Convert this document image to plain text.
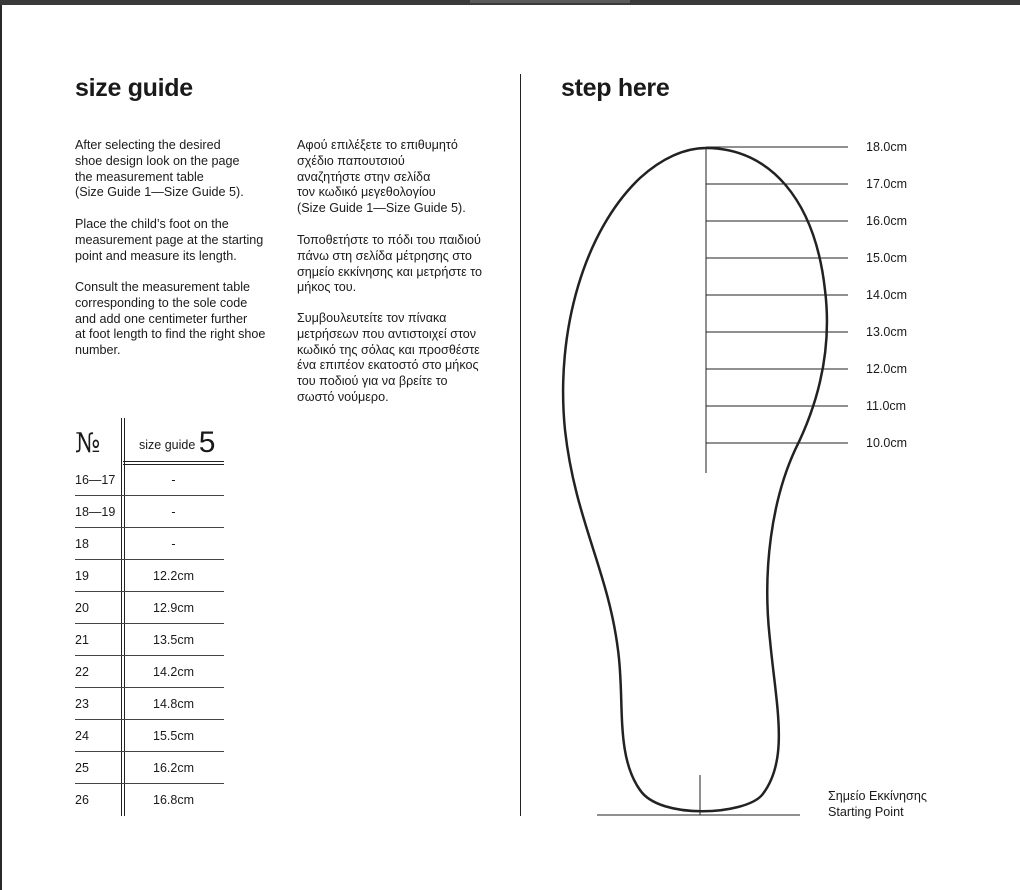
size guide

After selecting the desired
shoe design look on the page
the measurement table
(Size Guide 1—Size Guide 5).

Place the child’s foot on the
measurement page at the starting
point and measure its length.

Consult the measurement table
corresponding to the sole code
and add one centimeter further
at foot length to find the right shoe
number.

Αφού επιλέξετε το επιθυμητό
σχέδιο παπουτσιού
αναζητήστε στην σελίδα
τον κωδικό μεγεθολογίου
(Size Guide 1—Size Guide 5).

Τοποθετήστε το πόδι του παιδιού
πάνω στη σελίδα μέτρησης στο
σημείο εκκίνησης και μετρήστε το
μήκος του.

Συμβουλευτείτε τον πίνακα
μετρήσεων που αντιστοιχεί στον
κωδικό της σόλας και προσθέστε
ένα επιπέον εκατοστό στο μήκος
του ποδιού για να βρείτε το
σωστό νούμερο.

№	size guide 5
16—17	-
18—19	-
18	-
19	12.2cm
20	12.9cm
21	13.5cm
22	14.2cm
23	14.8cm
24	15.5cm
25	16.2cm
26	16.8cm
step here
18.0cm
17.0cm
16.0cm
15.0cm
14.0cm
13.0cm
12.0cm
11.0cm
10.0cm
Σημείο Εκκίνησης
Starting Point
